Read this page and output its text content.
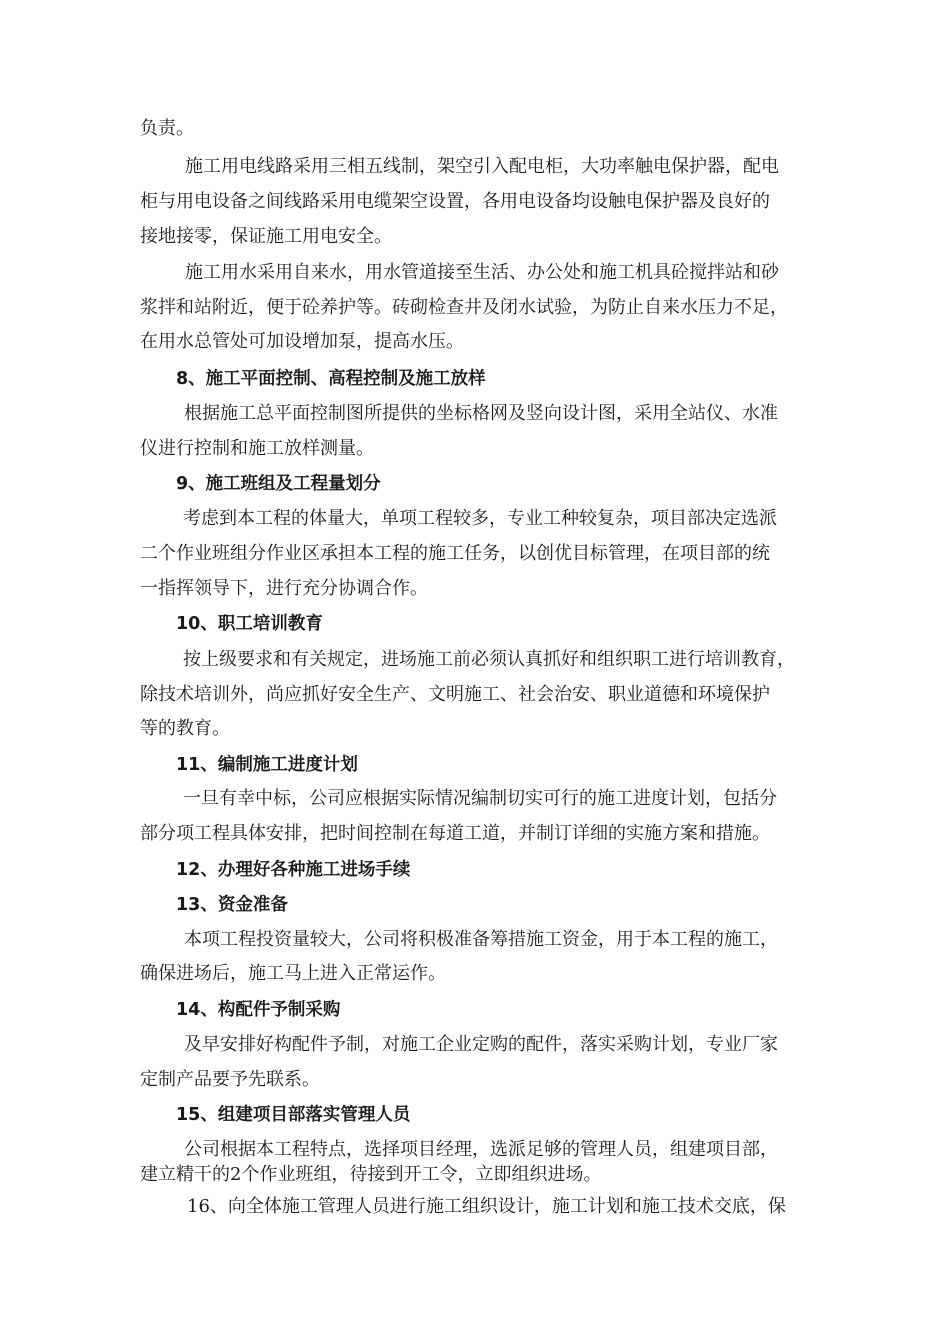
负责。
施工用电线路采用三相五线制，架空引入配电柜，大功率触电保护器，配电
柜与用电设备之间线路采用电缆架空设置，各用电设备均设触电保护器及良好的
接地接零，保证施工用电安全。
施工用水采用自来水，用水管道接至生活、办公处和施工机具砼搅拌站和砂
浆拌和站附近，便于砼养护等。砖砌检查井及闭水试验，为防止自来水压力不足，
在用水总管处可加设增加泵，提高水压。
8、施工平面控制、高程控制及施工放样
根据施工总平面控制图所提供的坐标格网及竖向设计图，采用全站仪、水准
仪进行控制和施工放样测量。
9、施工班组及工程量划分
考虑到本工程的体量大，单项工程较多，专业工种较复杂，项目部决定选派
二个作业班组分作业区承担本工程的施工任务，以创优目标管理，在项目部的统
一指挥领导下，进行充分协调合作。
10、职工培训教育
按上级要求和有关规定，进场施工前必须认真抓好和组织职工进行培训教育，
除技术培训外，尚应抓好安全生产、文明施工、社会治安、职业道德和环境保护
等的教育。
11、编制施工进度计划
一旦有幸中标，公司应根据实际情况编制切实可行的施工进度计划，包括分
部分项工程具体安排，把时间控制在每道工道，并制订详细的实施方案和措施。
12、办理好各种施工进场手续
13、资金准备
本项工程投资量较大，公司将积极准备筹措施工资金，用于本工程的施工，
确保进场后，施工马上进入正常运作。
14、构配件予制采购
及早安排好构配件予制，对施工企业定购的配件，落实采购计划，专业厂家
定制产品要予先联系。
15、组建项目部落实管理人员
公司根据本工程特点，选择项目经理，选派足够的管理人员，组建项目部，
建立精干的2个作业班组，待接到开工令，立即组织进场。
16、向全体施工管理人员进行施工组织设计，施工计划和施工技术交底，保
